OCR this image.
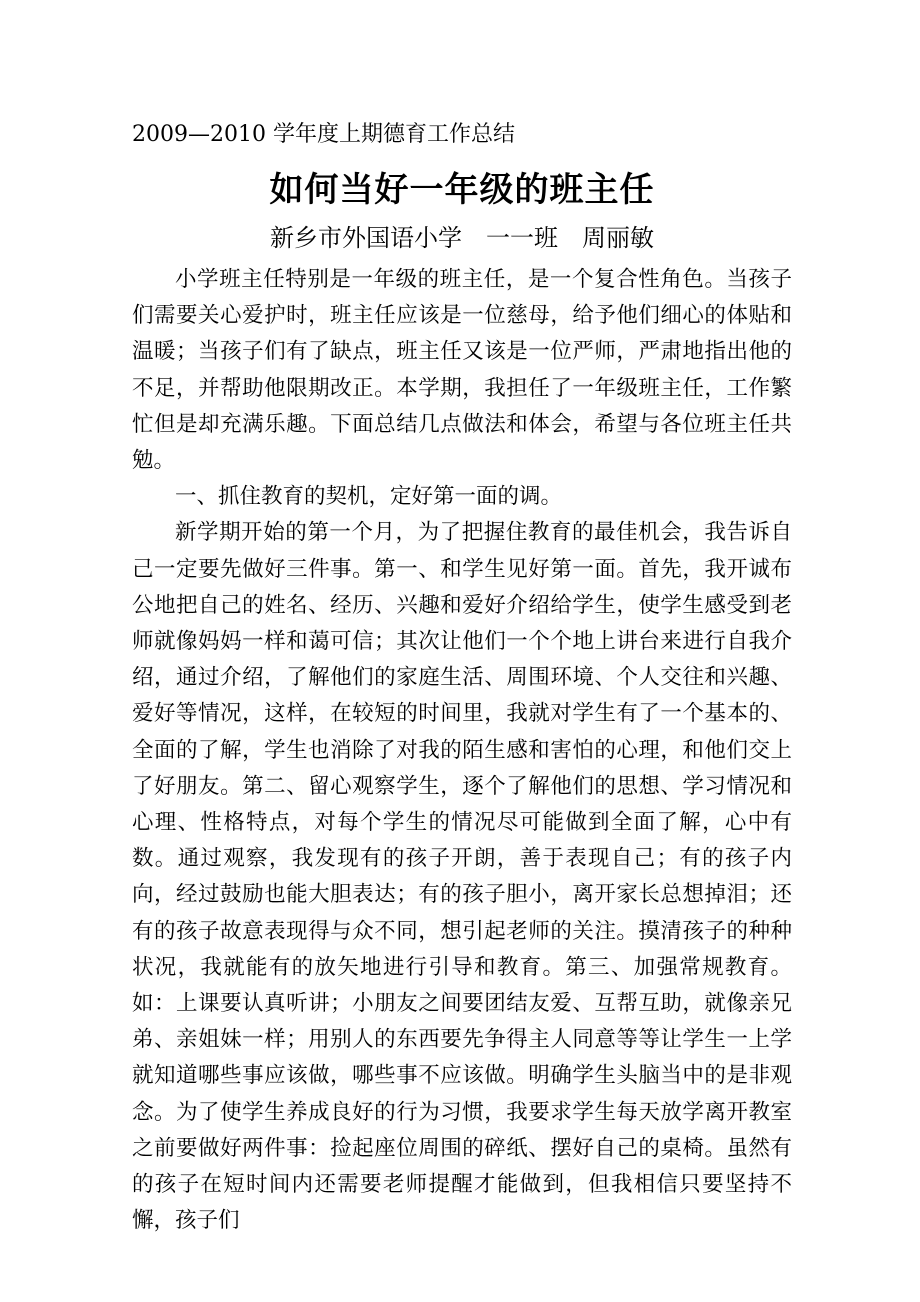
2009—2010 学年度上期德育工作总结
如何当好一年级的班主任
新乡市外国语小学　一一班　周丽敏

小学班主任特别是一年级的班主任，是一个复合性角色。当孩子们需要关心爱护时，班主任应该是一位慈母，给予他们细心的体贴和温暖；当孩子们有了缺点，班主任又该是一位严师，严肃地指出他的不足，并帮助他限期改正。本学期，我担任了一年级班主任，工作繁忙但是却充满乐趣。下面总结几点做法和体会，希望与各位班主任共勉。

一、抓住教育的契机，定好第一面的调。

新学期开始的第一个月，为了把握住教育的最佳机会，我告诉自己一定要先做好三件事。第一、和学生见好第一面。首先，我开诚布公地把自己的姓名、经历、兴趣和爱好介绍给学生，使学生感受到老师就像妈妈一样和蔼可信；其次让他们一个个地上讲台来进行自我介绍，通过介绍，了解他们的家庭生活、周围环境、个人交往和兴趣、爱好等情况，这样，在较短的时间里，我就对学生有了一个基本的、全面的了解，学生也消除了对我的陌生感和害怕的心理，和他们交上了好朋友。第二、留心观察学生，逐个了解他们的思想、学习情况和心理、性格特点，对每个学生的情况尽可能做到全面了解，心中有数。通过观察，我发现有的孩子开朗，善于表现自己；有的孩子内向，经过鼓励也能大胆表达；有的孩子胆小，离开家长总想掉泪；还有的孩子故意表现得与众不同，想引起老师的关注。摸清孩子的种种状况，我就能有的放矢地进行引导和教育。第三、加强常规教育。如：上课要认真听讲；小朋友之间要团结友爱、互帮互助，就像亲兄弟、亲姐妹一样；用别人的东西要先争得主人同意等等让学生一上学就知道哪些事应该做，哪些事不应该做。明确学生头脑当中的是非观念。为了使学生养成良好的行为习惯，我要求学生每天放学离开教室之前要做好两件事：捡起座位周围的碎纸、摆好自己的桌椅。虽然有的孩子在短时间内还需要老师提醒才能做到，但我相信只要坚持不懈，孩子们
